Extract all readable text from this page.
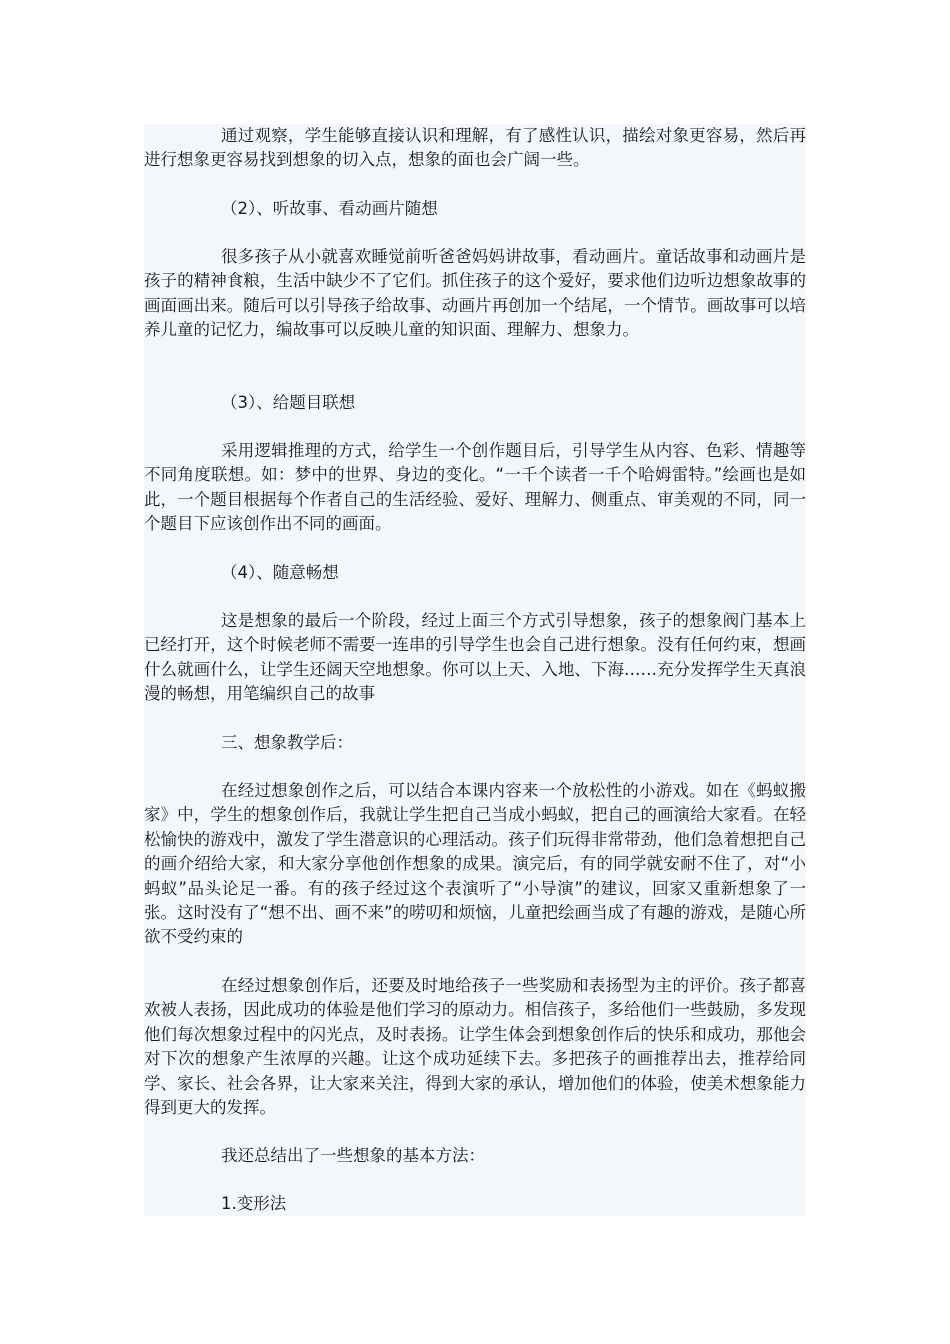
通过观察，学生能够直接认识和理解，有了感性认识，描绘对象更容易，然后再进行想象更容易找到想象的切入点，想象的面也会广阔一些。

（2）、听故事、看动画片随想

很多孩子从小就喜欢睡觉前听爸爸妈妈讲故事，看动画片。童话故事和动画片是孩子的精神食粮，生活中缺少不了它们。抓住孩子的这个爱好，要求他们边听边想象故事的画面画出来。随后可以引导孩子给故事、动画片再创加一个结尾，一个情节。画故事可以培养儿童的记忆力，编故事可以反映儿童的知识面、理解力、想象力。

（3）、给题目联想

采用逻辑推理的方式，给学生一个创作题目后，引导学生从内容、色彩、情趣等不同角度联想。如：梦中的世界、身边的变化。“一千个读者一千个哈姆雷特。”绘画也是如此，一个题目根据每个作者自己的生活经验、爱好、理解力、侧重点、审美观的不同，同一个题目下应该创作出不同的画面。

（4）、随意畅想

这是想象的最后一个阶段，经过上面三个方式引导想象，孩子的想象阀门基本上已经打开，这个时候老师不需要一连串的引导学生也会自己进行想象。没有任何约束，想画什么就画什么，让学生还阔天空地想象。你可以上天、入地、下海……充分发挥学生天真浪漫的畅想，用笔编织自己的故事

三、想象教学后：

在经过想象创作之后，可以结合本课内容来一个放松性的小游戏。如在《蚂蚁搬家》中，学生的想象创作后，我就让学生把自己当成小蚂蚁，把自己的画演给大家看。在轻松愉快的游戏中，激发了学生潜意识的心理活动。孩子们玩得非常带劲，他们急着想把自己的画介绍给大家，和大家分享他创作想象的成果。演完后，有的同学就安耐不住了，对“小蚂蚁”品头论足一番。有的孩子经过这个表演听了“小导演”的建议，回家又重新想象了一张。这时没有了“想不出、画不来”的唠叨和烦恼，儿童把绘画当成了有趣的游戏，是随心所欲不受约束的

在经过想象创作后，还要及时地给孩子一些奖励和表扬型为主的评价。孩子都喜欢被人表扬，因此成功的体验是他们学习的原动力。相信孩子，多给他们一些鼓励，多发现他们每次想象过程中的闪光点，及时表扬。让学生体会到想象创作后的快乐和成功，那他会对下次的想象产生浓厚的兴趣。让这个成功延续下去。多把孩子的画推荐出去，推荐给同学、家长、社会各界，让大家来关注，得到大家的承认，增加他们的体验，使美术想象能力得到更大的发挥。

我还总结出了一些想象的基本方法：

1.变形法
